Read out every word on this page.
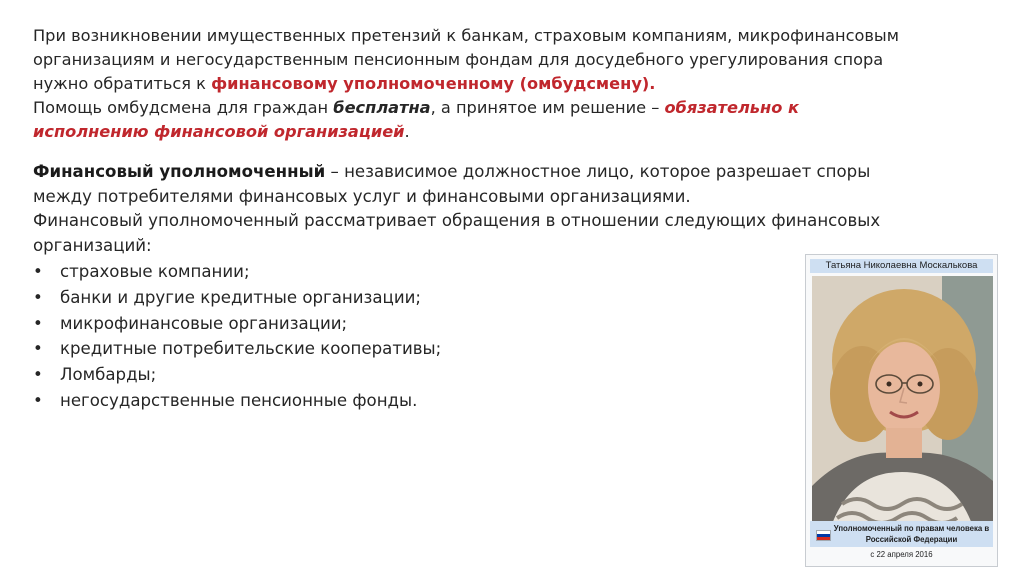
При возникновении имущественных претензий к банкам, страховым компаниям, микрофинансовым организациям и негосударственным пенсионным фондам для досудебного урегулирования спора нужно обратиться к финансовому уполномоченному (омбудсмену).
Помощь омбудсмена для граждан бесплатна, а принятое им решение – обязательно к исполнению финансовой организацией.
Финансовый уполномоченный – независимое должностное лицо, которое разрешает споры между потребителями финансовых услуг и финансовыми организациями.
Финансовый уполномоченный рассматривает обращения в отношении следующих финансовых организаций:
• страховые компании;
• банки и другие кредитные организации;
• микрофинансовые организации;
• кредитные потребительские кооперативы;
• Ломбарды;
• негосударственные пенсионные фонды.
Татьяна Николаевна Москалькова
Уполномоченный по правам человека в Российской Федерации
с 22 апреля 2016
